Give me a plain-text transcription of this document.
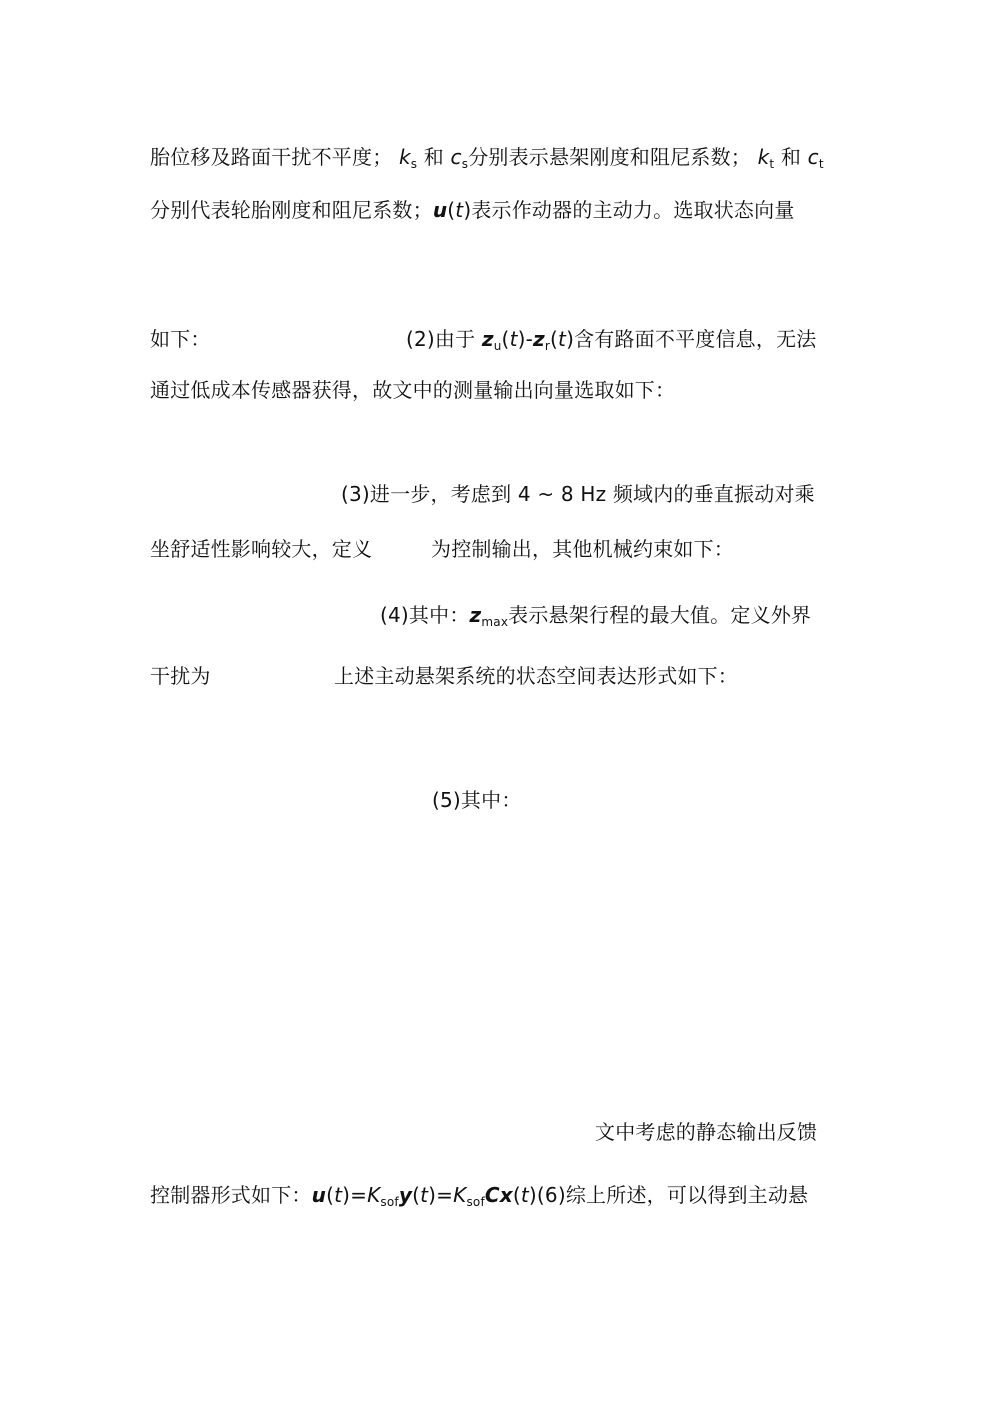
胎位移及路面干扰不平度； $k_s$ 和 $c_s$分别表示悬架刚度和阻尼系数； $k_t$ 和 $c_t$
分别代表轮胎刚度和阻尼系数；u(t)表示作动器的主动力。选取状态向量
如下：	(2)由于 $z_u(t)-z_r(t)$含有路面不平度信息，无法
通过低成本传感器获得，故文中的测量输出向量选取如下：
(3)进一步，考虑到 4 ~ 8 Hz 频域内的垂直振动对乘
坐舒适性影响较大，定义	为控制输出，其他机械约束如下：
(4)其中：$z_{max}$表示悬架行程的最大值。定义外界
干扰为	上述主动悬架系统的状态空间表达形式如下：
(5)其中：
文中考虑的静态输出反馈
控制器形式如下：$u(t)=K_{sof}y(t)=K_{sof}Cx(t)(6)$综上所述，可以得到主动悬
